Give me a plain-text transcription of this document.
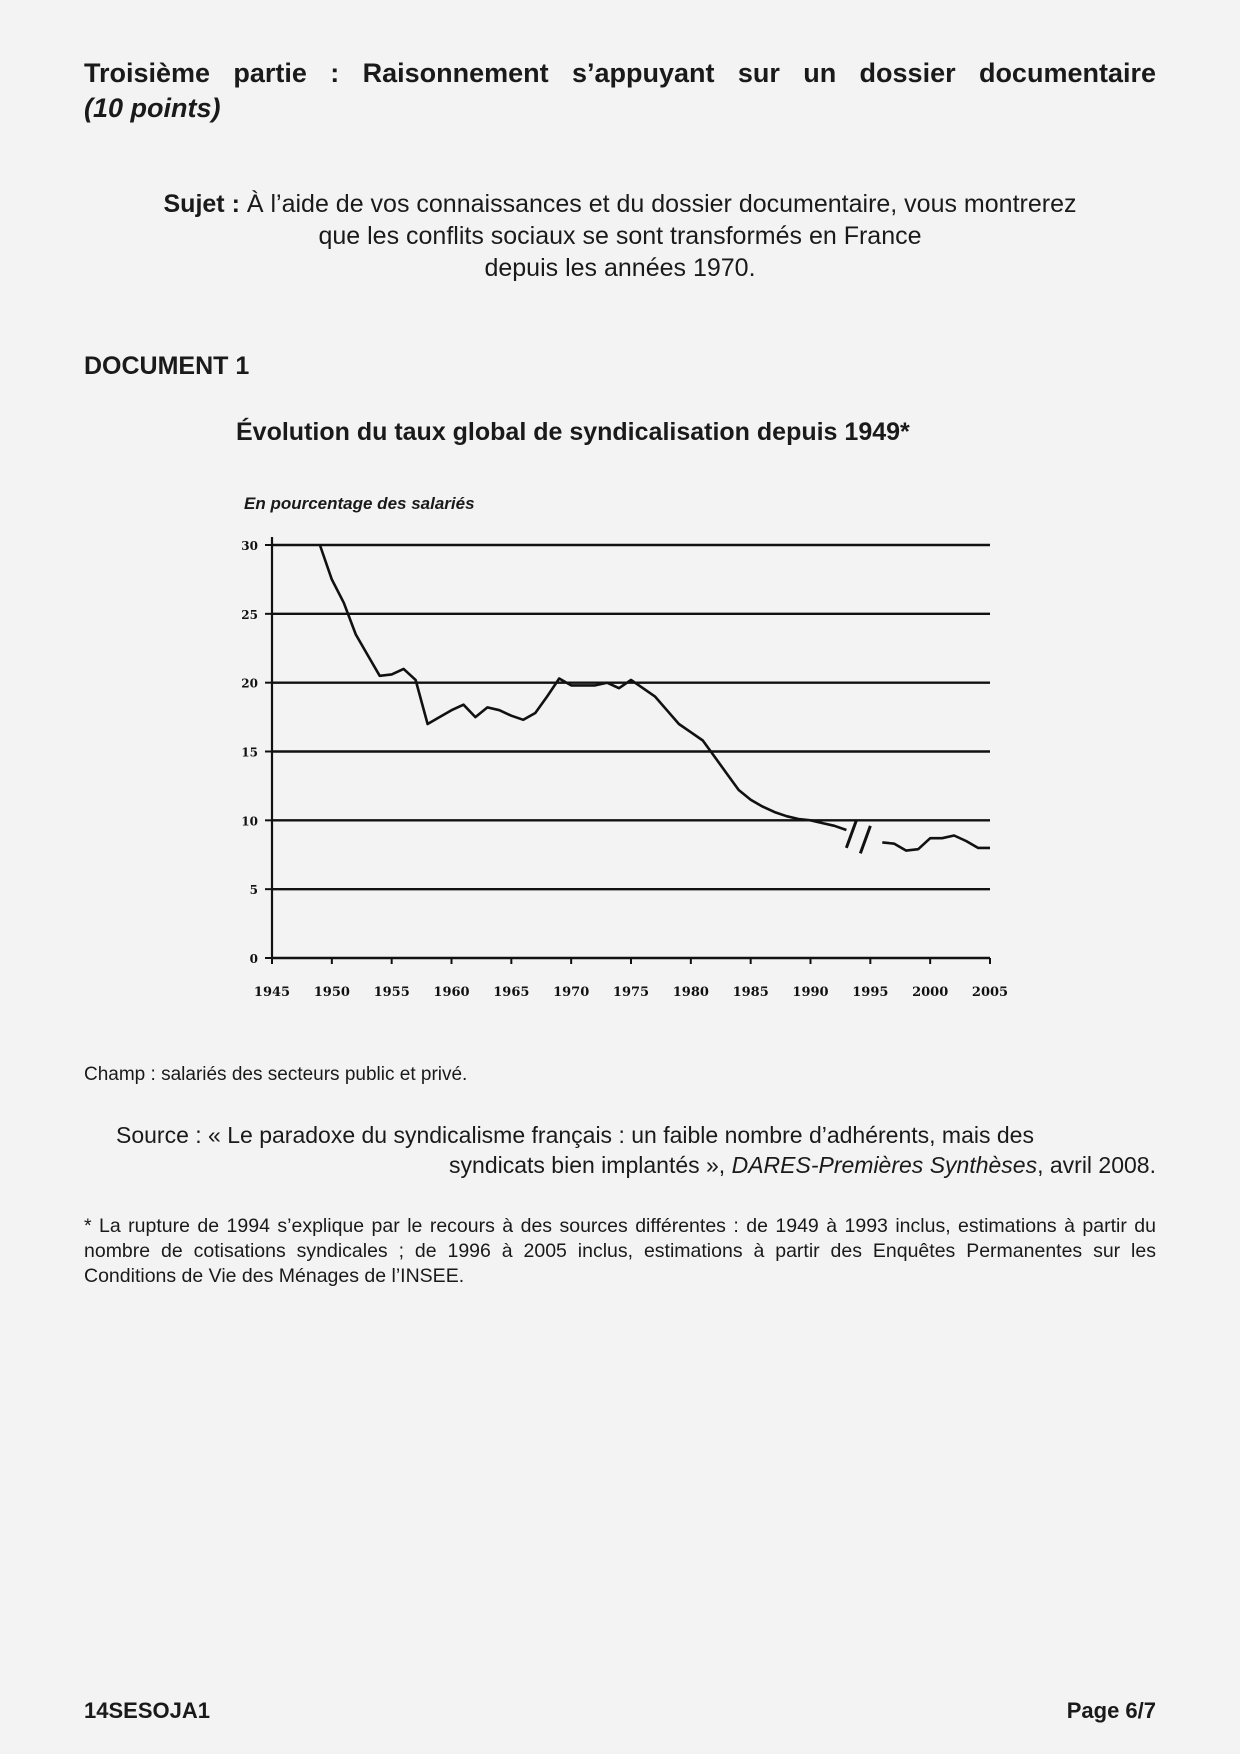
Troisième partie : Raisonnement s’appuyant sur un dossier documentaire
(10 points)
Sujet : À l’aide de vos connaissances et du dossier documentaire, vous montrerez
que les conflits sociaux se sont transformés en France
depuis les années 1970.
DOCUMENT 1
Évolution du taux global de syndicalisation depuis 1949*
En pourcentage des salariés
0
5
10
15
20
25
30
1945 1950 1955 1960 1965 1970 1975 1980 1985 1990 1995 2000 2005
Champ : salariés des secteurs public et privé.

Source : « Le paradoxe du syndicalisme français : un faible nombre d’adhérents, mais des

syndicats bien implantés », DARES-Premières Synthèses, avril 2008.

* La rupture de 1994 s’explique par le recours à des sources différentes : de 1949 à 1993 inclus, estimations à partir du nombre de cotisations syndicales ; de 1996 à 2005 inclus, estimations à partir des Enquêtes Permanentes sur les Conditions de Vie des Ménages de l’INSEE.
14SESOJA1	Page 6/7
